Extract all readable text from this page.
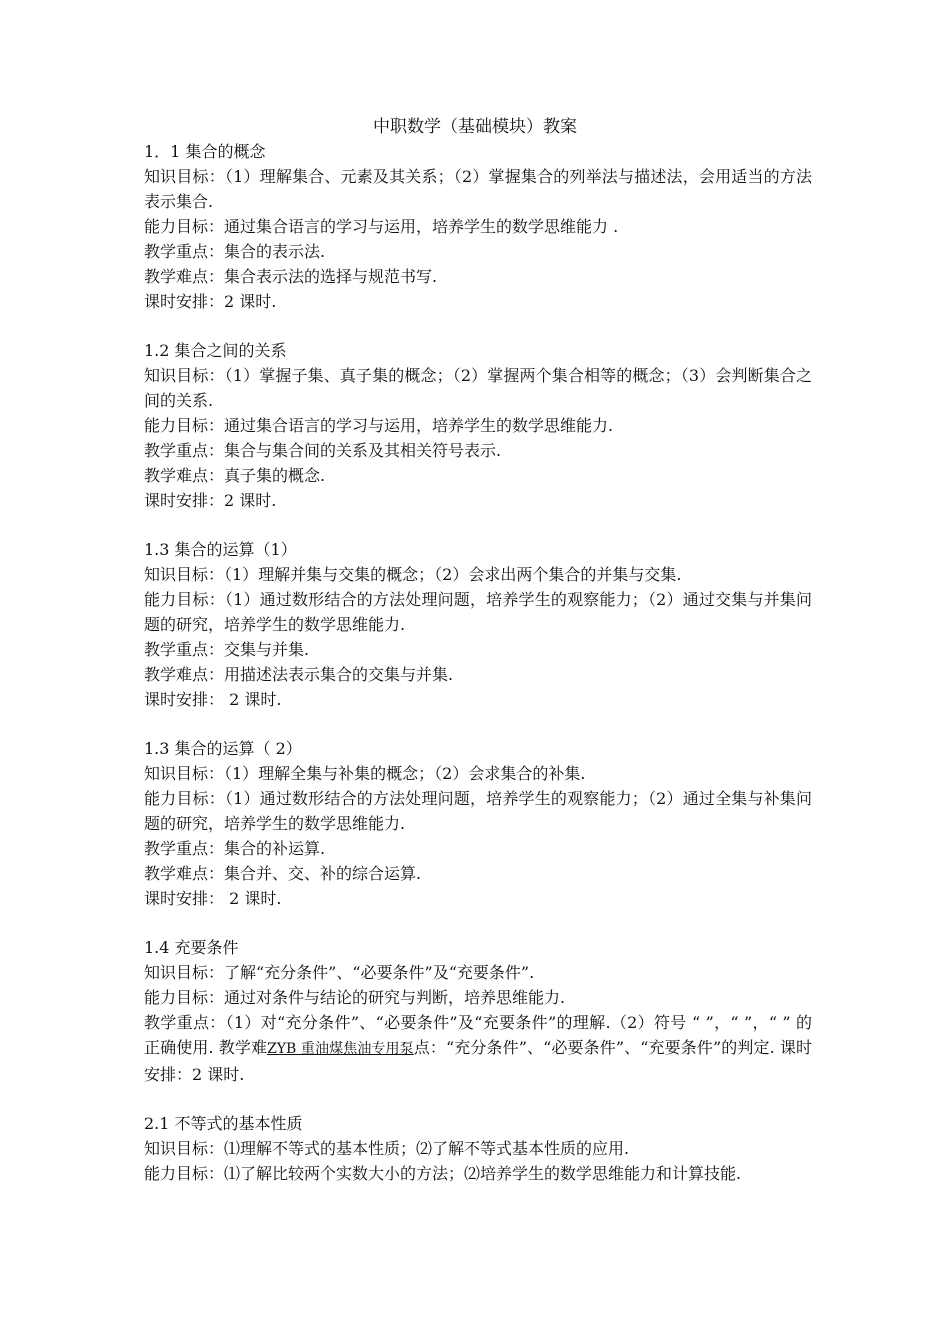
中职数学（基础模块）教案
1．1 集合的概念
知识目标：（1）理解集合、元素及其关系；（2）掌握集合的列举法与描述法，会用适当的方法表示集合.
能力目标：通过集合语言的学习与运用，培养学生的数学思维能力 .
教学重点：集合的表示法.
教学难点：集合表示法的选择与规范书写.
课时安排：2 课时.
1.2 集合之间的关系
知识目标：（1）掌握子集、真子集的概念；（2）掌握两个集合相等的概念；（3）会判断集合之间的关系.
能力目标：通过集合语言的学习与运用，培养学生的数学思维能力.
教学重点：集合与集合间的关系及其相关符号表示.
教学难点：真子集的概念.
课时安排：2 课时.
1.3 集合的运算（1）
知识目标：（1）理解并集与交集的概念；（2）会求出两个集合的并集与交集.
能力目标：（1）通过数形结合的方法处理问题，培养学生的观察能力；（2）通过交集与并集问题的研究，培养学生的数学思维能力.
教学重点：交集与并集.
教学难点：用描述法表示集合的交集与并集.
课时安排： 2 课时.
1.3 集合的运算（ 2）
知识目标：（1）理解全集与补集的概念；（2）会求集合的补集.
能力目标：（1）通过数形结合的方法处理问题，培养学生的观察能力；（2）通过全集与补集问题的研究，培养学生的数学思维能力.
教学重点：集合的补运算.
教学难点：集合并、交、补的综合运算.
课时安排： 2 课时.
1.4 充要条件
知识目标：了解“充分条件”、“必要条件”及“充要条件”.
能力目标：通过对条件与结论的研究与判断，培养思维能力.
教学重点：（1）对“充分条件”、“必要条件”及“充要条件”的理解.（2）符号 “ ”，“ ”，“ ” 的正确使用. 教学难ZYB 重油煤焦油专用泵点：“充分条件”、“必要条件”、“充要条件”的判定. 课时安排：2 课时.
2.1 不等式的基本性质
知识目标：⑴理解不等式的基本性质；⑵了解不等式基本性质的应用.
能力目标：⑴了解比较两个实数大小的方法；⑵培养学生的数学思维能力和计算技能.
